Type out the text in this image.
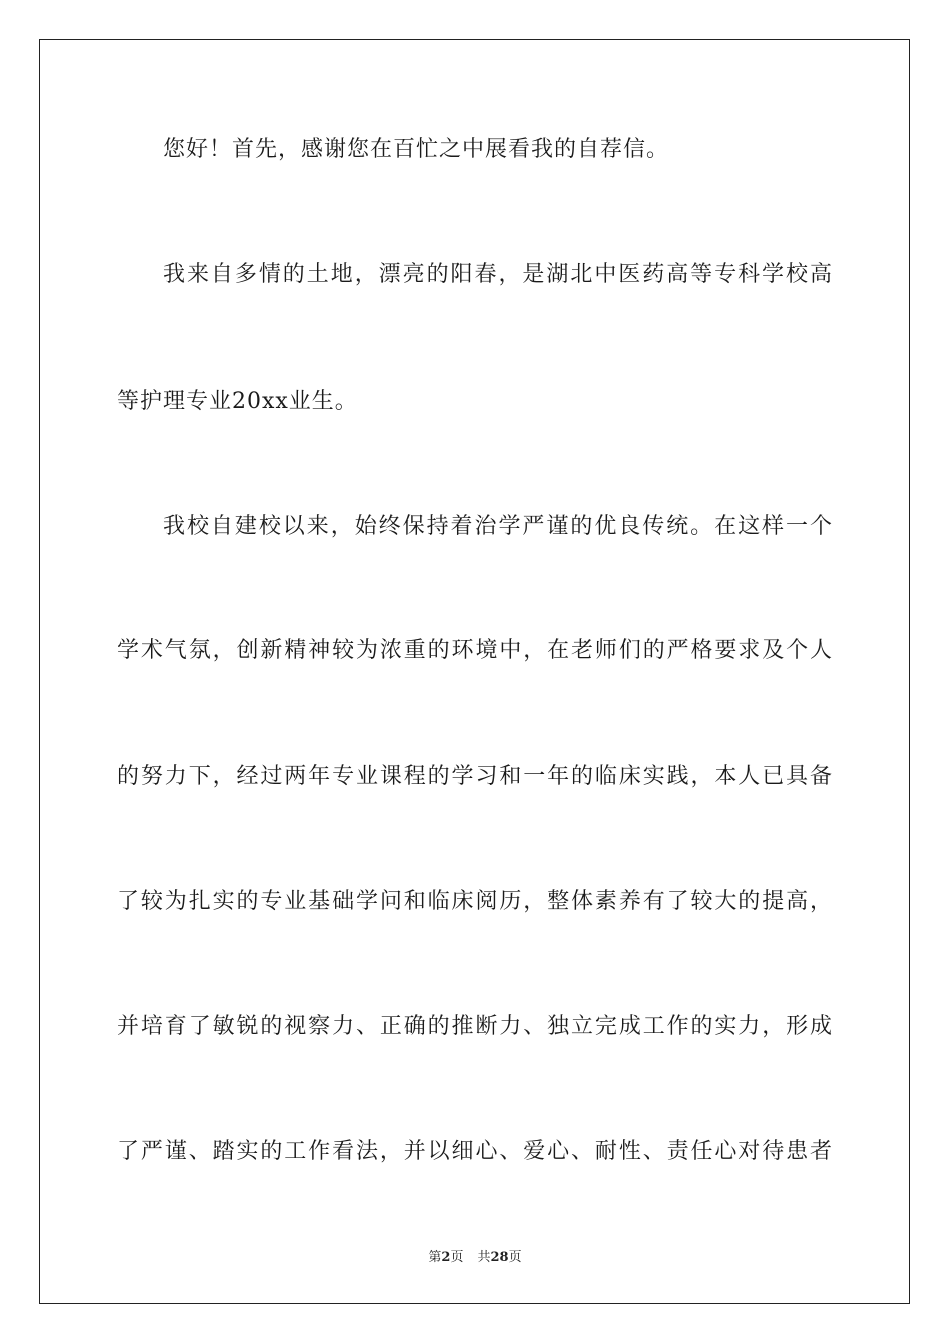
您好！首先，感谢您在百忙之中展看我的自荐信。
我来自多情的土地，漂亮的阳春，是湖北中医药高等专科学校高
等护理专业20xx业生。
我校自建校以来，始终保持着治学严谨的优良传统。在这样一个
学术气氛，创新精神较为浓重的环境中，在老师们的严格要求及个人
的努力下，经过两年专业课程的学习和一年的临床实践，本人已具备
了较为扎实的专业基础学问和临床阅历，整体素养有了较大的提高，
并培育了敏锐的视察力、正确的推断力、独立完成工作的实力，形成
了严谨、踏实的工作看法，并以细心、爱心、耐性、责任心对待患者
第2页 共28页
